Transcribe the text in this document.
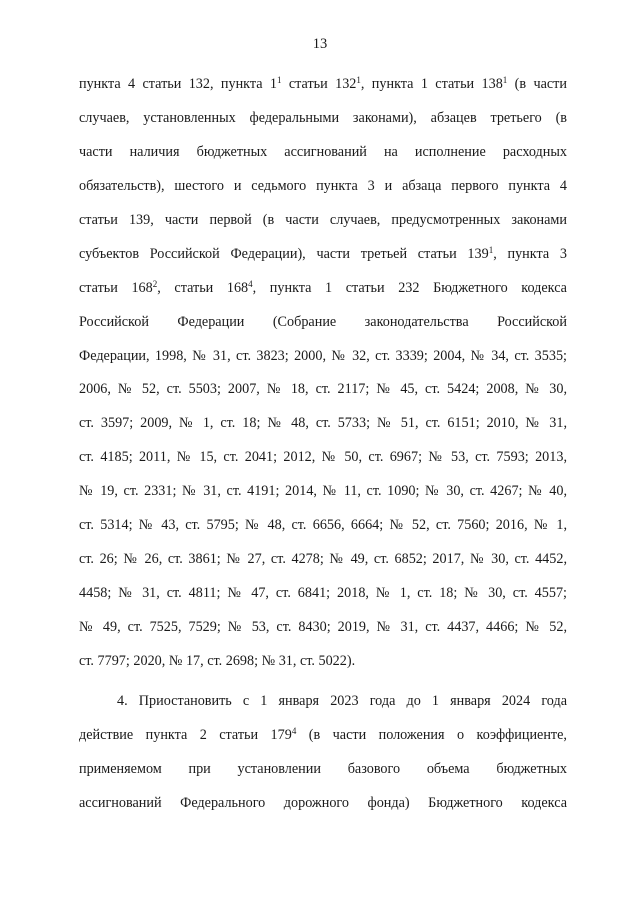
13
пункта 4 статьи 132, пункта $1^1$ статьи $132^1$, пункта 1 статьи $138^1$ (в части
случаев, установленных федеральными законами), абзацев третьего (в
части наличия бюджетных ассигнований на исполнение расходных
обязательств), шестого и седьмого пункта 3 и абзаца первого пункта 4
статьи 139, части первой (в части случаев, предусмотренных законами
субъектов Российской Федерации), части третьей статьи $139^1$, пункта 3
статьи $168^2$, статьи $168^4$, пункта 1 статьи 232 Бюджетного кодекса
Российской Федерации (Собрание законодательства Российской
Федерации, 1998, № 31, ст. 3823; 2000, № 32, ст. 3339; 2004, № 34, ст. 3535;
2006, № 52, ст. 5503; 2007, № 18, ст. 2117; № 45, ст. 5424; 2008, № 30,
ст. 3597; 2009, № 1, ст. 18; № 48, ст. 5733; № 51, ст. 6151; 2010, № 31,
ст. 4185; 2011, № 15, ст. 2041; 2012, № 50, ст. 6967; № 53, ст. 7593; 2013,
№ 19, ст. 2331; № 31, ст. 4191; 2014, № 11, ст. 1090; № 30, ст. 4267; № 40,
ст. 5314; № 43, ст. 5795; № 48, ст. 6656, 6664; № 52, ст. 7560; 2016, № 1,
ст. 26; № 26, ст. 3861; № 27, ст. 4278; № 49, ст. 6852; 2017, № 30, ст. 4452,
4458; № 31, ст. 4811; № 47, ст. 6841; 2018, № 1, ст. 18; № 30, ст. 4557;
№ 49, ст. 7525, 7529; № 53, ст. 8430; 2019, № 31, ст. 4437, 4466; № 52,
ст. 7797; 2020, № 17, ст. 2698; № 31, ст. 5022).
4. Приостановить с 1 января 2023 года до 1 января 2024 года
действие пункта 2 статьи $179^4$ (в части положения о коэффициенте,
применяемом при установлении базового объема бюджетных
ассигнований Федерального дорожного фонда) Бюджетного кодекса
